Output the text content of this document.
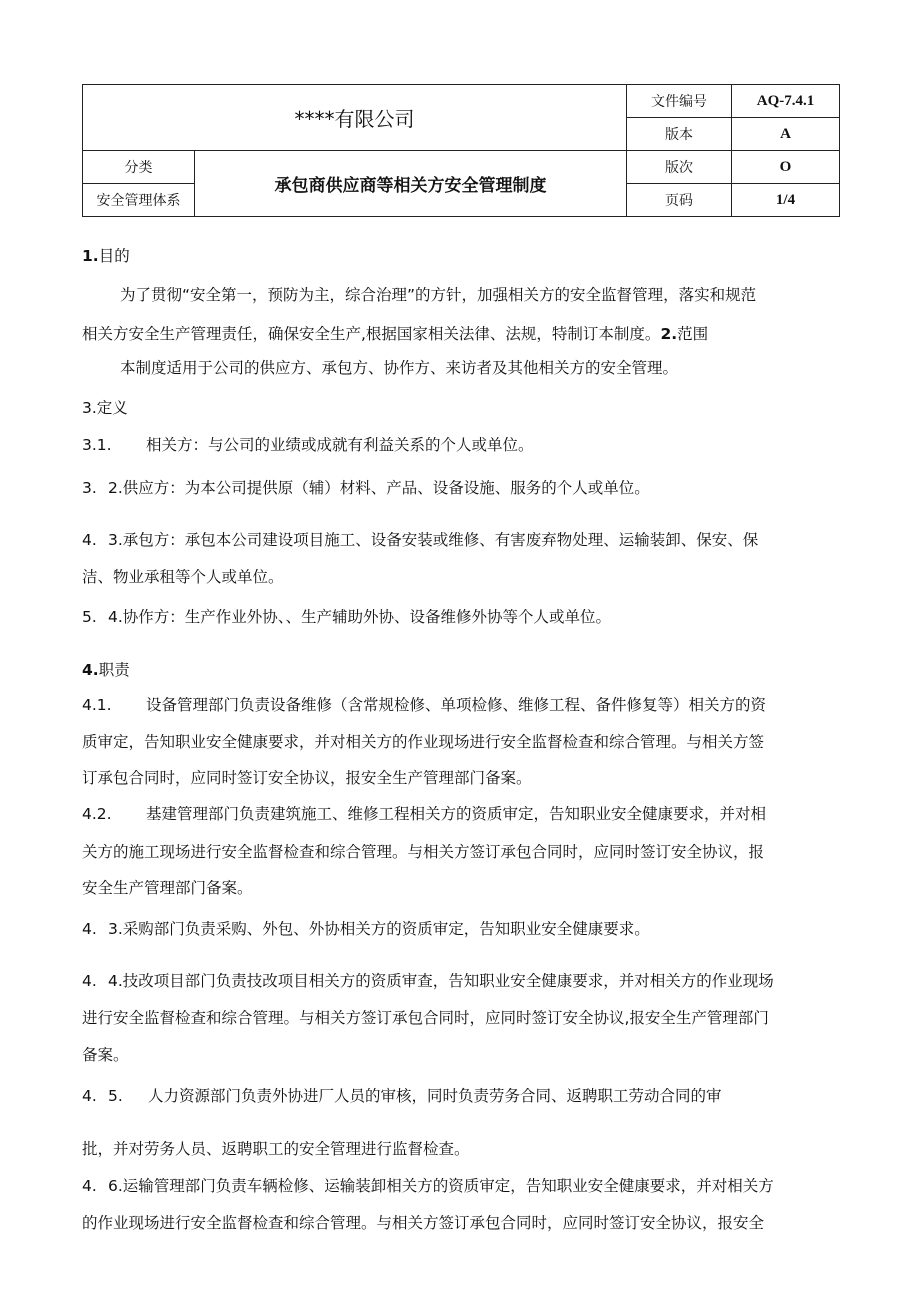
****有限公司		文件编号	AQ-7.4.1
		版本	A
分类	承包商供应商等相关方安全管理制度	版次	O
安全管理体系		页码	1/4
1.目的
为了贯彻“安全第一，预防为主，综合治理”的方针，加强相关方的安全监督管理，落实和规范
相关方安全生产管理责任，确保安全生产,根据国家相关法律、法规，特制订本制度。2.范围
本制度适用于公司的供应方、承包方、协作方、来访者及其他相关方的安全管理。
3.定义
3.1. 相关方：与公司的业绩或成就有利益关系的个人或单位。
3. 2.供应方：为本公司提供原（辅）材料、产品、设备设施、服务的个人或单位。
4. 3.承包方：承包本公司建设项目施工、设备安装或维修、有害废弃物处理、运输装卸、保安、保
洁、物业承租等个人或单位。
5. 4.协作方：生产作业外协、、生产辅助外协、设备维修外协等个人或单位。
4.职责
4.1. 设备管理部门负责设备维修（含常规检修、单项检修、维修工程、备件修复等）相关方的资
质审定，告知职业安全健康要求，并对相关方的作业现场进行安全监督检查和综合管理。与相关方签
订承包合同时，应同时签订安全协议，报安全生产管理部门备案。
4.2. 基建管理部门负责建筑施工、维修工程相关方的资质审定，告知职业安全健康要求，并对相
关方的施工现场进行安全监督检查和综合管理。与相关方签订承包合同时，应同时签订安全协议，报
安全生产管理部门备案。
4. 3.采购部门负责采购、外包、外协相关方的资质审定，告知职业安全健康要求。
4. 4.技改项目部门负责技改项目相关方的资质审查，告知职业安全健康要求，并对相关方的作业现场
进行安全监督检查和综合管理。与相关方签订承包合同时，应同时签订安全协议,报安全生产管理部门
备案。
4. 5. 人力资源部门负责外协进厂人员的审核，同时负责劳务合同、返聘职工劳动合同的审
批，并对劳务人员、返聘职工的安全管理进行监督检查。
4. 6.运输管理部门负责车辆检修、运输装卸相关方的资质审定，告知职业安全健康要求，并对相关方
的作业现场进行安全监督检查和综合管理。与相关方签订承包合同时，应同时签订安全协议，报安全
